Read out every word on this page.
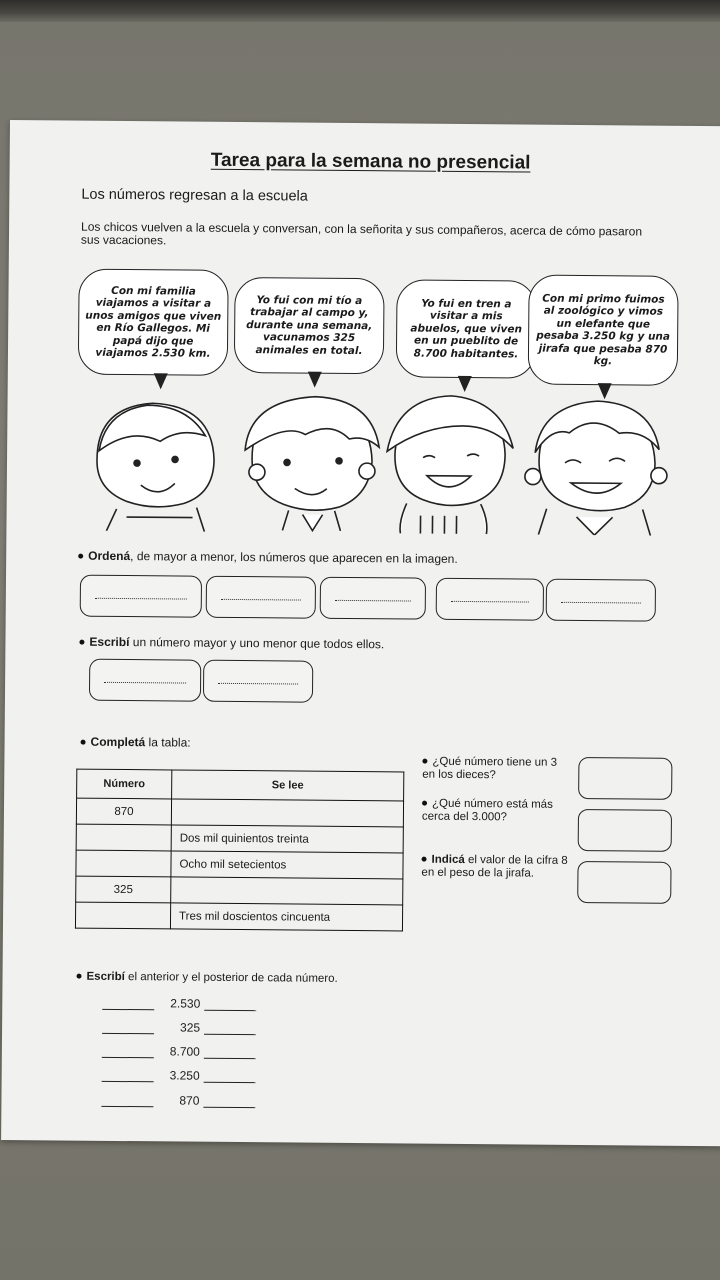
Tarea para la semana no presencial
Los números regresan a la escuela
Los chicos vuelven a la escuela y conversan, con la señorita y sus compañeros, acerca de cómo pasaron sus vacaciones.
Con mi familia viajamos a visitar a unos amigos que viven en Río Gallegos. Mi papá dijo que viajamos 2.530 km.
Yo fui con mi tío a trabajar al campo y, durante una semana, vacunamos 325 animales en total.
Yo fui en tren a visitar a mis abuelos, que viven en un pueblito de 8.700 habitantes.
Con mi primo fuimos al zoológico y vimos un elefante que pesaba 3.250 kg y una jirafa que pesaba 870 kg.
Ordená, de mayor a menor, los números que aparecen en la imagen.
Escribí un número mayor y uno menor que todos ellos.
Completá la tabla:
Número	Se lee
870	
	Dos mil quinientos treinta
	Ocho mil setecientos
325	
	Tres mil doscientos cincuenta
¿Qué número tiene un 3 en los dieces?
¿Qué número está más cerca del 3.000?
Indicá el valor de la cifra 8 en el peso de la jirafa.
Escribí el anterior y el posterior de cada número.
2.530
325
8.700
3.250
870
